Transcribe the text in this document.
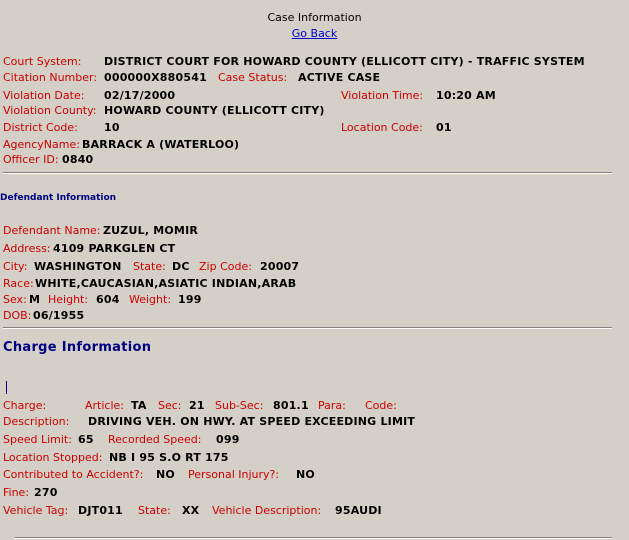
Case Information
Go Back
Court System: DISTRICT COURT FOR HOWARD COUNTY (ELLICOTT CITY) - TRAFFIC SYSTEM
Citation Number: 000000X880541 Case Status: ACTIVE CASE
Violation Date: 02/17/2000	Violation Time: 10:20 AM
Violation County: HOWARD COUNTY (ELLICOTT CITY)
District Code: 10	Location Code: 01
AgencyName: BARRACK A (WATERLOO)
Officer ID: 0840
Defendant Information
Defendant Name: ZUZUL, MOMIR
Address: 4109 PARKGLEN CT
City: WASHINGTON State: DC Zip Code: 20007
Race: WHITE,CAUCASIAN,ASIATIC INDIAN,ARAB
Sex: M Height: 604 Weight: 199
DOB: 06/1955
Charge Information
Charge:	Article: TA Sec: 21 Sub-Sec: 801.1 Para: Code:
Description: DRIVING VEH. ON HWY. AT SPEED EXCEEDING LIMIT
Speed Limit: 65 Recorded Speed: 099
Location Stopped: NB I 95 S.O RT 175
Contributed to Accident?: NO Personal Injury?: NO
Fine: 270
Vehicle Tag: DJT011 State: XX Vehicle Description: 95AUDI
